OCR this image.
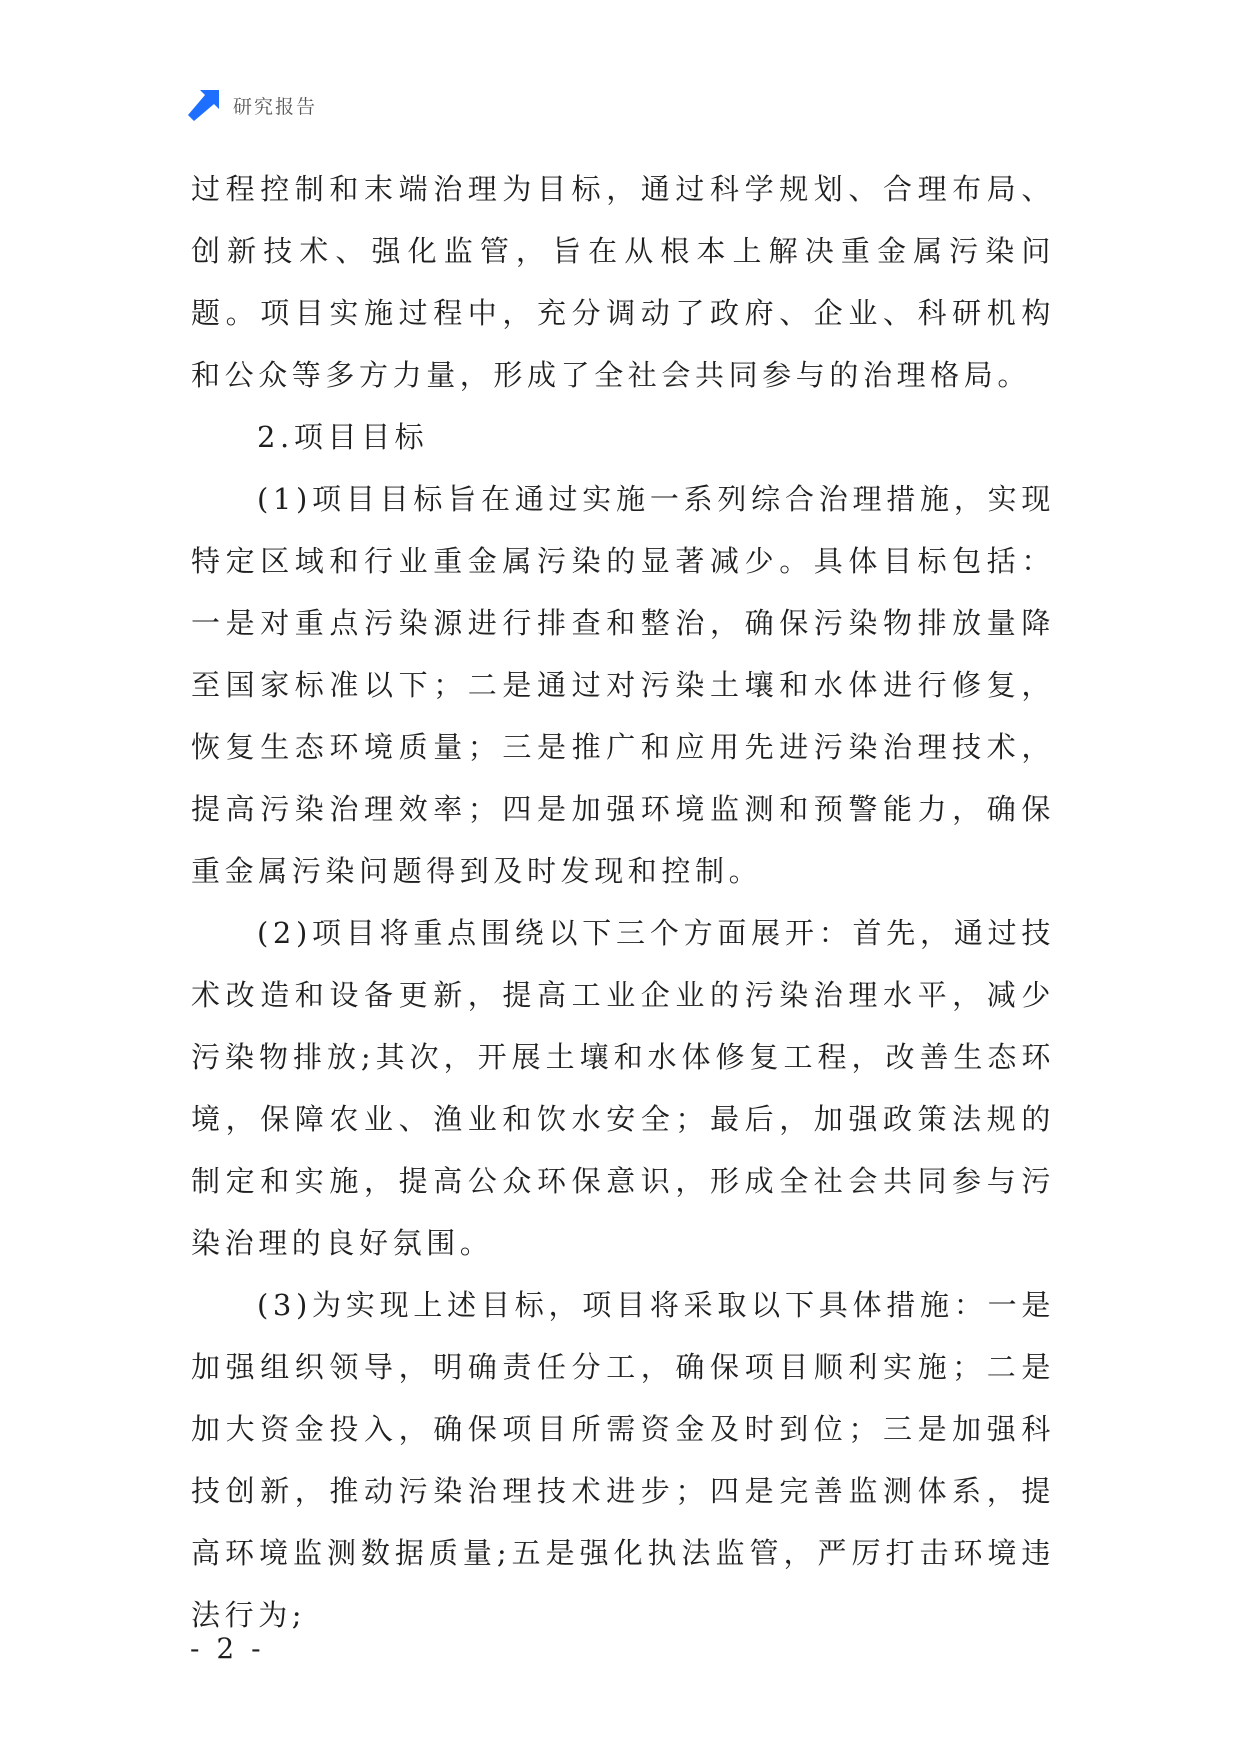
研究报告

过程控制和末端治理为目标，通过科学规划、合理布局、创新技术、强化监管，旨在从根本上解决重金属污染问题。项目实施过程中，充分调动了政府、企业、科研机构和公众等多方力量，形成了全社会共同参与的治理格局。

2.项目目标

(1)项目目标旨在通过实施一系列综合治理措施，实现特定区域和行业重金属污染的显著减少。具体目标包括：一是对重点污染源进行排查和整治，确保污染物排放量降至国家标准以下；二是通过对污染土壤和水体进行修复，恢复生态环境质量；三是推广和应用先进污染治理技术，提高污染治理效率；四是加强环境监测和预警能力，确保重金属污染问题得到及时发现和控制。

(2)项目将重点围绕以下三个方面展开：首先，通过技术改造和设备更新，提高工业企业的污染治理水平，减少污染物排放;其次，开展土壤和水体修复工程，改善生态环境，保障农业、渔业和饮水安全；最后，加强政策法规的制定和实施，提高公众环保意识，形成全社会共同参与污染治理的良好氛围。

(3)为实现上述目标，项目将采取以下具体措施：一是加强组织领导，明确责任分工，确保项目顺利实施；二是加大资金投入，确保项目所需资金及时到位；三是加强科技创新，推动污染治理技术进步；四是完善监测体系，提高环境监测数据质量;五是强化执法监管，严厉打击环境违法行为;

- 2 -
